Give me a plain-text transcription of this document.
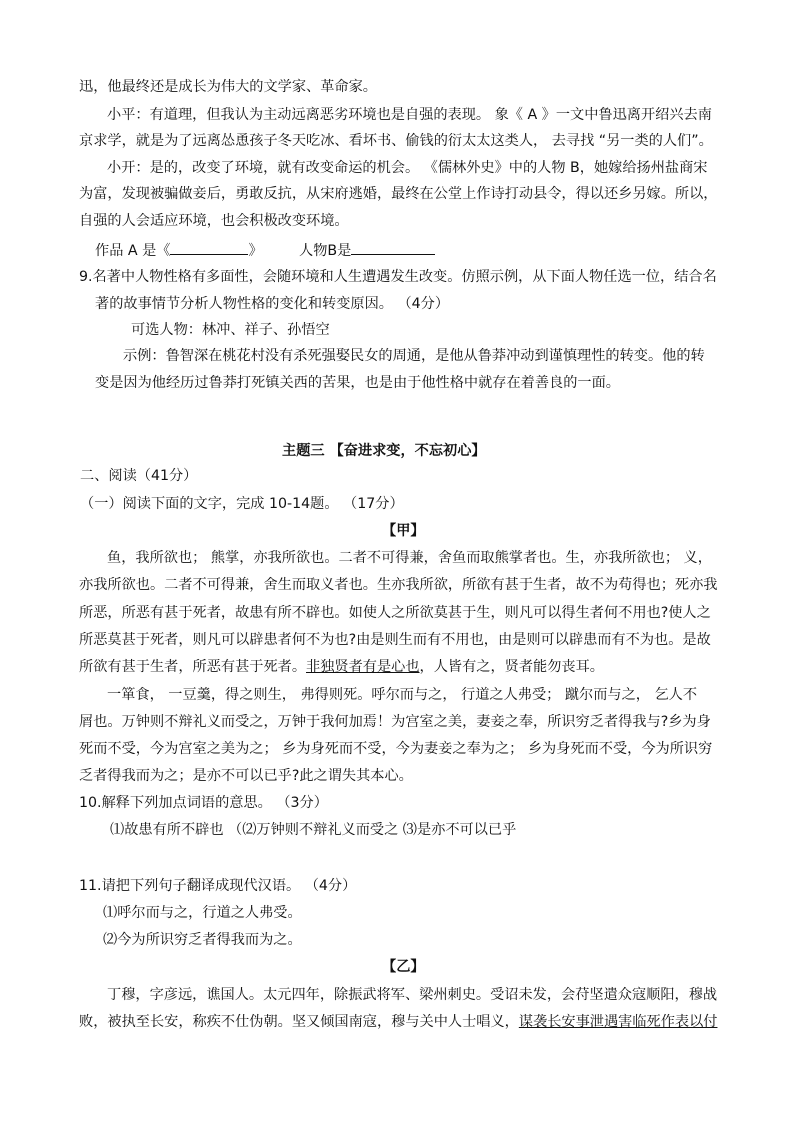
迅，他最终还是成长为伟大的文学家、革命家。
小平：有道理，但我认为主动远离恶劣环境也是自强的表现。 象《 A 》一文中鲁迅离开绍兴去南
京求学，就是为了远离怂恿孩子冬天吃冰、看坏书、偷钱的衍太太这类人， 去寻找 “另一类的人们”。
小开：是的，改变了环境，就有改变命运的机会。 《儒林外史》中的人物 B，她嫁给扬州盐商宋
为富，发现被骗做妾后，勇敢反抗，从宋府逃婚，最终在公堂上作诗打动县令，得以还乡另嫁。所以，
自强的人会适应环境，也会积极改变环境。
作品 A 是《	》	人物B是
9.名著中人物性格有多面性，会随环境和人生遭遇发生改变。仿照示例，从下面人物任选一位，结合名
著的故事情节分析人物性格的变化和转变原因。 （4分）
可选人物：林冲、祥子、孙悟空
示例：鲁智深在桃花村没有杀死强娶民女的周通，是他从鲁莽冲动到谨慎理性的转变。他的转
变是因为他经历过鲁莽打死镇关西的苦果，也是由于他性格中就存在着善良的一面。
主题三 【奋进求变，不忘初心】
二、阅读（41分）
（一）阅读下面的文字，完成 10-14题。 （17分）
【甲】
鱼，我所欲也； 熊掌，亦我所欲也。二者不可得兼，舍鱼而取熊掌者也。生，亦我所欲也； 义，
亦我所欲也。二者不可得兼，舍生而取义者也。生亦我所欲，所欲有甚于生者，故不为苟得也；死亦我
所恶，所恶有甚于死者，故患有所不辟也。如使人之所欲莫甚于生，则凡可以得生者何不用也?使人之
所恶莫甚于死者，则凡可以辟患者何不为也?由是则生而有不用也，由是则可以辟患而有不为也。是故
所欲有甚于生者，所恶有甚于死者。非独贤者有是心也，人皆有之，贤者能勿丧耳。
一箪食， 一豆羹，得之则生， 弗得则死。呼尔而与之， 行道之人弗受； 蹴尔而与之， 乞人不
屑也。万钟则不辩礼义而受之，万钟于我何加焉！为宫室之美，妻妾之奉，所识穷乏者得我与?乡为身
死而不受，今为宫室之美为之； 乡为身死而不受，今为妻妾之奉为之； 乡为身死而不受，今为所识穷
乏者得我而为之；是亦不可以已乎?此之谓失其本心。
10.解释下列加点词语的意思。 （3分）
⑴故患有所不辟也 （⑵万钟则不辩礼义而受之 ⑶是亦不可以已乎
11.请把下列句子翻译成现代汉语。 （4分）
⑴呼尔而与之，行道之人弗受。
⑵今为所识穷乏者得我而为之。
【乙】
丁穆，字彦远，谯国人。太元四年，除振武将军、梁州刺史。受诏未发，会苻坚遣众寇顺阳，穆战
败，被执至长安，称疾不仕伪朝。坚又倾国南寇，穆与关中人士唱义，谋袭长安事泄遇害临死作表以付
